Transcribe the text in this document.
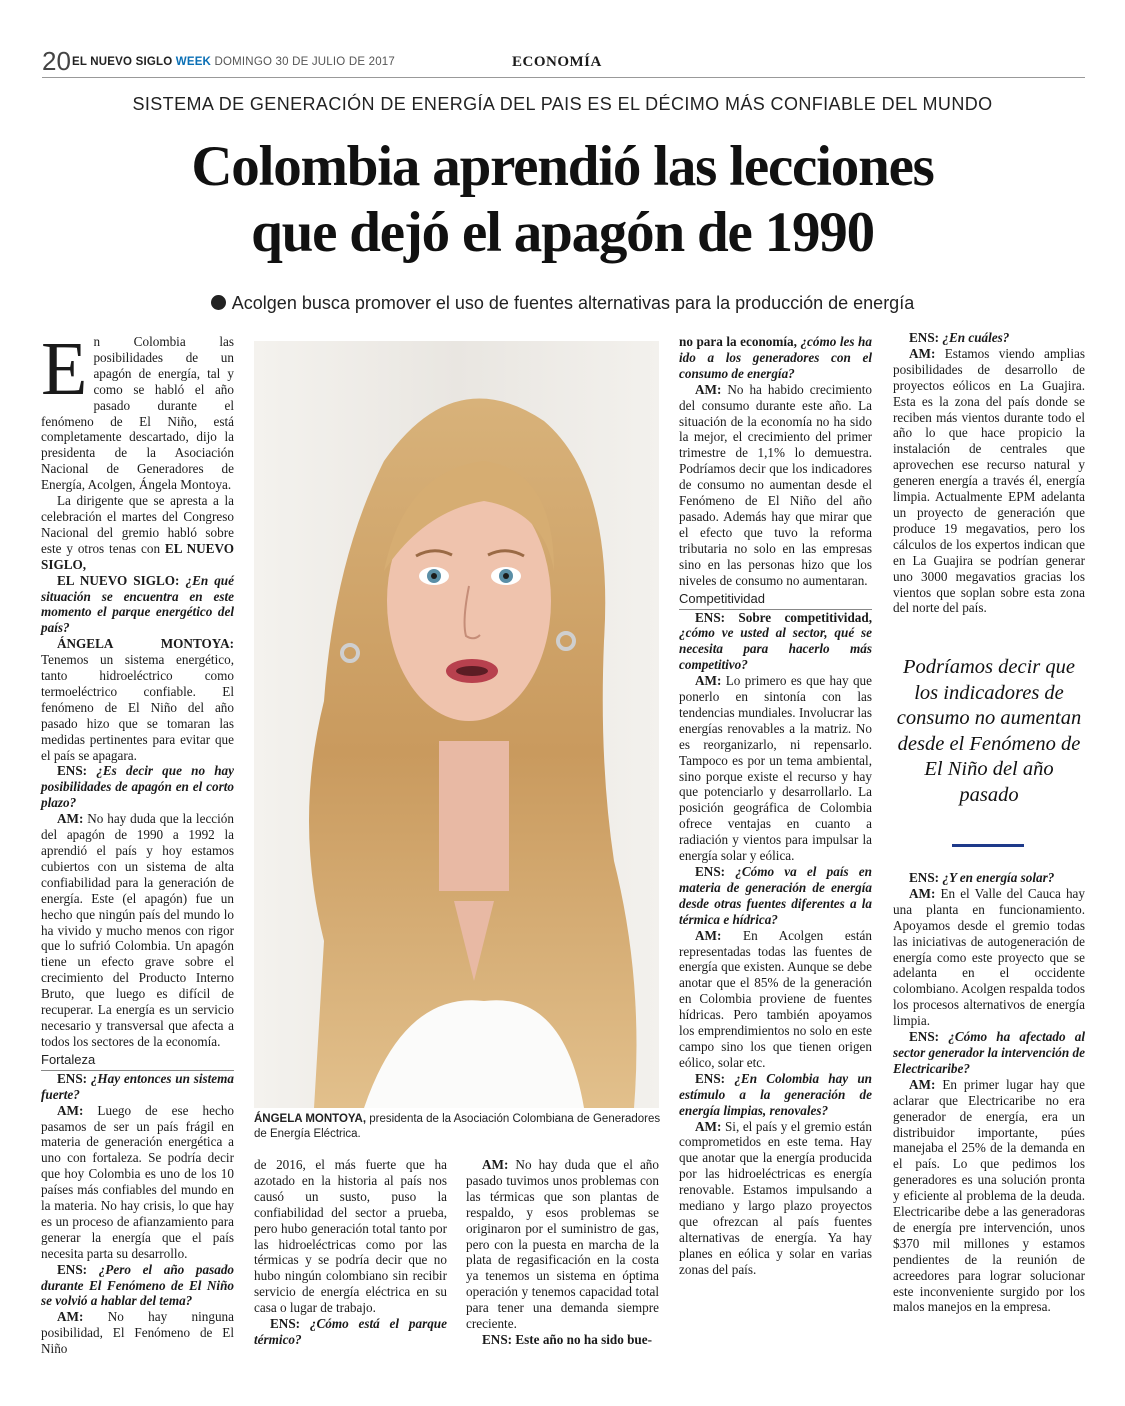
20 EL NUEVO SIGLO WEEK DOMINGO 30 DE JULIO DE 2017	ECONOMÍA
SISTEMA DE GENERACIÓN DE ENERGÍA DEL PAIS ES EL DÉCIMO MÁS CONFIABLE DEL MUNDO
Colombia aprendió las lecciones
que dejó el apagón de 1990
Acolgen busca promover el uso de fuentes alternativas para la producción de energía

En Colombia las posibilidades de un apagón de energía, tal y como se habló el año pasado durante el fenómeno de El Niño, está completamente descartado, dijo la presidenta de la Asociación Nacional de Generadores de Energía, Acolgen, Ángela Montoya.

La dirigente que se apresta a la celebración el martes del Congreso Nacional del gremio habló sobre este y otros tenas con EL NUEVO SIGLO,

EL NUEVO SIGLO: ¿En qué situación se encuentra en este momento el parque energético del país?

ÁNGELA MONTOYA: Tenemos un sistema energético, tanto hidroeléctrico como termoeléctrico confiable. El fenómeno de El Niño del año pasado hizo que se tomaran las medidas pertinentes para evitar que el país se apagara.

ENS: ¿Es decir que no hay posibilidades de apagón en el corto plazo?

AM: No hay duda que la lección del apagón de 1990 a 1992 la aprendió el país y hoy estamos cubiertos con un sistema de alta confiabilidad para la generación de energía. Este (el apagón) fue un hecho que ningún país del mundo lo ha vivido y mucho menos con rigor que lo sufrió Colombia. Un apagón tiene un efecto grave sobre el crecimiento del Producto Interno Bruto, que luego es difícil de recuperar. La energía es un servicio necesario y transversal que afecta a todos los sectores de la economía.

Fortaleza

ENS: ¿Hay entonces un sistema fuerte?

AM: Luego de ese hecho pasamos de ser un país frágil en materia de generación energética a uno con fortaleza. Se podría decir que hoy Colombia es uno de los 10 países más confiables del mundo en la materia. No hay crisis, lo que hay es un proceso de afianzamiento para generar la energía que el país necesita parta su desarrollo.

ENS: ¿Pero el año pasado durante El Fenómeno de El Niño se volvió a hablar del tema?

AM: No hay ninguna posibilidad, El Fenómeno de El Niño

ÁNGELA MONTOYA, presidenta de la Asociación Colombiana de Generadores de Energía Eléctrica.

de 2016, el más fuerte que ha azotado en la historia al país nos causó un susto, puso la confiabilidad del sector a prueba, pero hubo generación total tanto por las hidroeléctricas como por las térmicas y se podría decir que no hubo ningún colombiano sin recibir servicio de energía eléctrica en su casa o lugar de trabajo.

ENS: ¿Cómo está el parque térmico?

AM: No hay duda que el año pasado tuvimos unos problemas con las térmicas que son plantas de respaldo, y esos problemas se originaron por el suministro de gas, pero con la puesta en marcha de la plata de regasificación en la costa ya tenemos un sistema en óptima operación y tenemos capacidad total para tener una demanda siempre creciente.

ENS: Este año no ha sido bue-

no para la economía, ¿cómo les ha ido a los generadores con el consumo de energía?

AM: No ha habido crecimiento del consumo durante este año. La situación de la economía no ha sido la mejor, el crecimiento del primer trimestre de 1,1% lo demuestra. Podríamos decir que los indicadores de consumo no aumentan desde el Fenómeno de El Niño del año pasado. Además hay que mirar que el efecto que tuvo la reforma tributaria no solo en las empresas sino en las personas hizo que los niveles de consumo no aumentaran.

Competitividad

ENS: Sobre competitividad, ¿cómo ve usted al sector, qué se necesita para hacerlo más competitivo?

AM: Lo primero es que hay que ponerlo en sintonía con las tendencias mundiales. Involucrar las energías renovables a la matriz. No es reorganizarlo, ni repensarlo. Tampoco es por un tema ambiental, sino porque existe el recurso y hay que potenciarlo y desarrollarlo. La posición geográfica de Colombia ofrece ventajas en cuanto a radiación y vientos para impulsar la energía solar y eólica.

ENS: ¿Cómo va el país en materia de generación de energía desde otras fuentes diferentes a la térmica e hídrica?

AM: En Acolgen están representadas todas las fuentes de energía que existen. Aunque se debe anotar que el 85% de la generación en Colombia proviene de fuentes hídricas. Pero también apoyamos los emprendimientos no solo en este campo sino los que tienen origen eólico, solar etc.

ENS: ¿En Colombia hay un estímulo a la generación de energía limpias, renovales?

AM: Si, el país y el gremio están comprometidos en este tema. Hay que anotar que la energía producida por las hidroeléctricas es energía renovable. Estamos impulsando a mediano y largo plazo proyectos que ofrezcan al país fuentes alternativas de energía. Ya hay planes en eólica y solar en varias zonas del país.

ENS: ¿En cuáles?

AM: Estamos viendo amplias posibilidades de desarrollo de proyectos eólicos en La Guajira. Esta es la zona del país donde se reciben más vientos durante todo el año lo que hace propicio la instalación de centrales que aprovechen ese recurso natural y generen energía a través él, energía limpia. Actualmente EPM adelanta un proyecto de generación que produce 19 megavatios, pero los cálculos de los expertos indican que en La Guajira se podrían generar uno 3000 megavatios gracias los vientos que soplan sobre esta zona del norte del país.

Podríamos decir que los indicadores de consumo no aumentan desde el Fenómeno de El Niño del año pasado

ENS: ¿Y en energía solar?

AM: En el Valle del Cauca hay una planta en funcionamiento. Apoyamos desde el gremio todas las iniciativas de autogeneración de energía como este proyecto que se adelanta en el occidente colombiano. Acolgen respalda todos los procesos alternativos de energía limpia.

ENS: ¿Cómo ha afectado al sector generador la intervención de Electricaribe?

AM: En primer lugar hay que aclarar que Electricaribe no era generador de energía, era un distribuidor importante, púes manejaba el 25% de la demanda en el país. Lo que pedimos los generadores es una solución pronta y eficiente al problema de la deuda. Electricaribe debe a las generadoras de energía pre intervención, unos $370 mil millones y estamos pendientes de la reunión de acreedores para lograr solucionar este inconveniente surgido por los malos manejos en la empresa.
